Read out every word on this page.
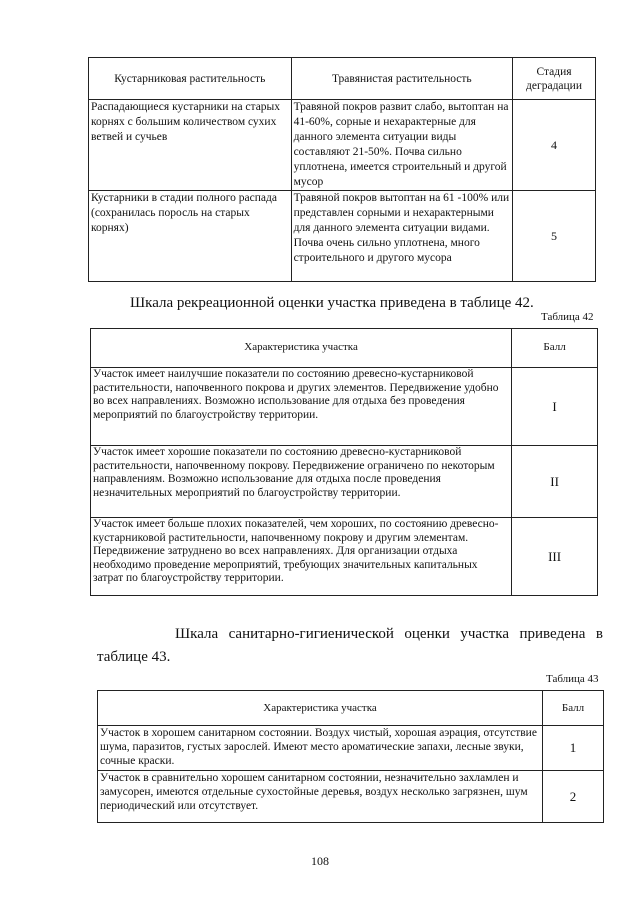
Кустарниковая растительность	Травянистая растительность	Стадия деградации
Распадающиеся кустарники на старых корнях с большим количеством сухих ветвей и сучьев	Травяной покров развит слабо, вытоптан на 41-60%, сорные и нехарактерные для данного элемента ситуации виды составляют 21-50%. Почва сильно уплотнена, имеется строительный и другой мусор	4
Кустарники в стадии полного распада (сохранилась поросль на старых корнях)	Травяной покров вытоптан на 61 -100% или представлен сорными и нехарактерными для данного элемента ситуации видами. Почва очень сильно уплотнена, много строительного и другого мусора	5
Шкала рекреационной оценки участка приведена в таблице 42.
Таблица 42
Характеристика участка	Балл
Участок имеет наилучшие показатели по состоянию древесно-кустарниковой растительности, напочвенного покрова и других элементов. Передвижение удобно во всех направлениях. Возможно использование для отдыха без проведения мероприятий по благоустройству территории.	I
Участок имеет хорошие показатели по состоянию древесно-кустарниковой растительности, напочвенному покрову. Передвижение ограничено по некоторым направлениям. Возможно использование для отдыха после проведения незначительных мероприятий по благоустройству территории.	II
Участок имеет больше плохих показателей, чем хороших, по состоянию древесно-кустарниковой растительности, напочвенному покрову и другим элементам. Передвижение затруднено во всех направлениях. Для организации отдыха необходимо проведение мероприятий, требующих значительных капитальных затрат по благоустройству территории.	III
Шкала санитарно-гигиенической оценки участка приведена в
таблице 43.
Таблица 43
Характеристика участка	Балл
Участок в хорошем санитарном состоянии. Воздух чистый, хорошая аэрация, отсутствие шума, паразитов, густых зарослей. Имеют место ароматические запахи, лесные звуки, сочные краски.	1
Участок в сравнительно хорошем санитарном состоянии, незначительно захламлен и замусорен, имеются отдельные сухостойные деревья, воздух несколько загрязнен, шум периодический или отсутствует.	2
108
